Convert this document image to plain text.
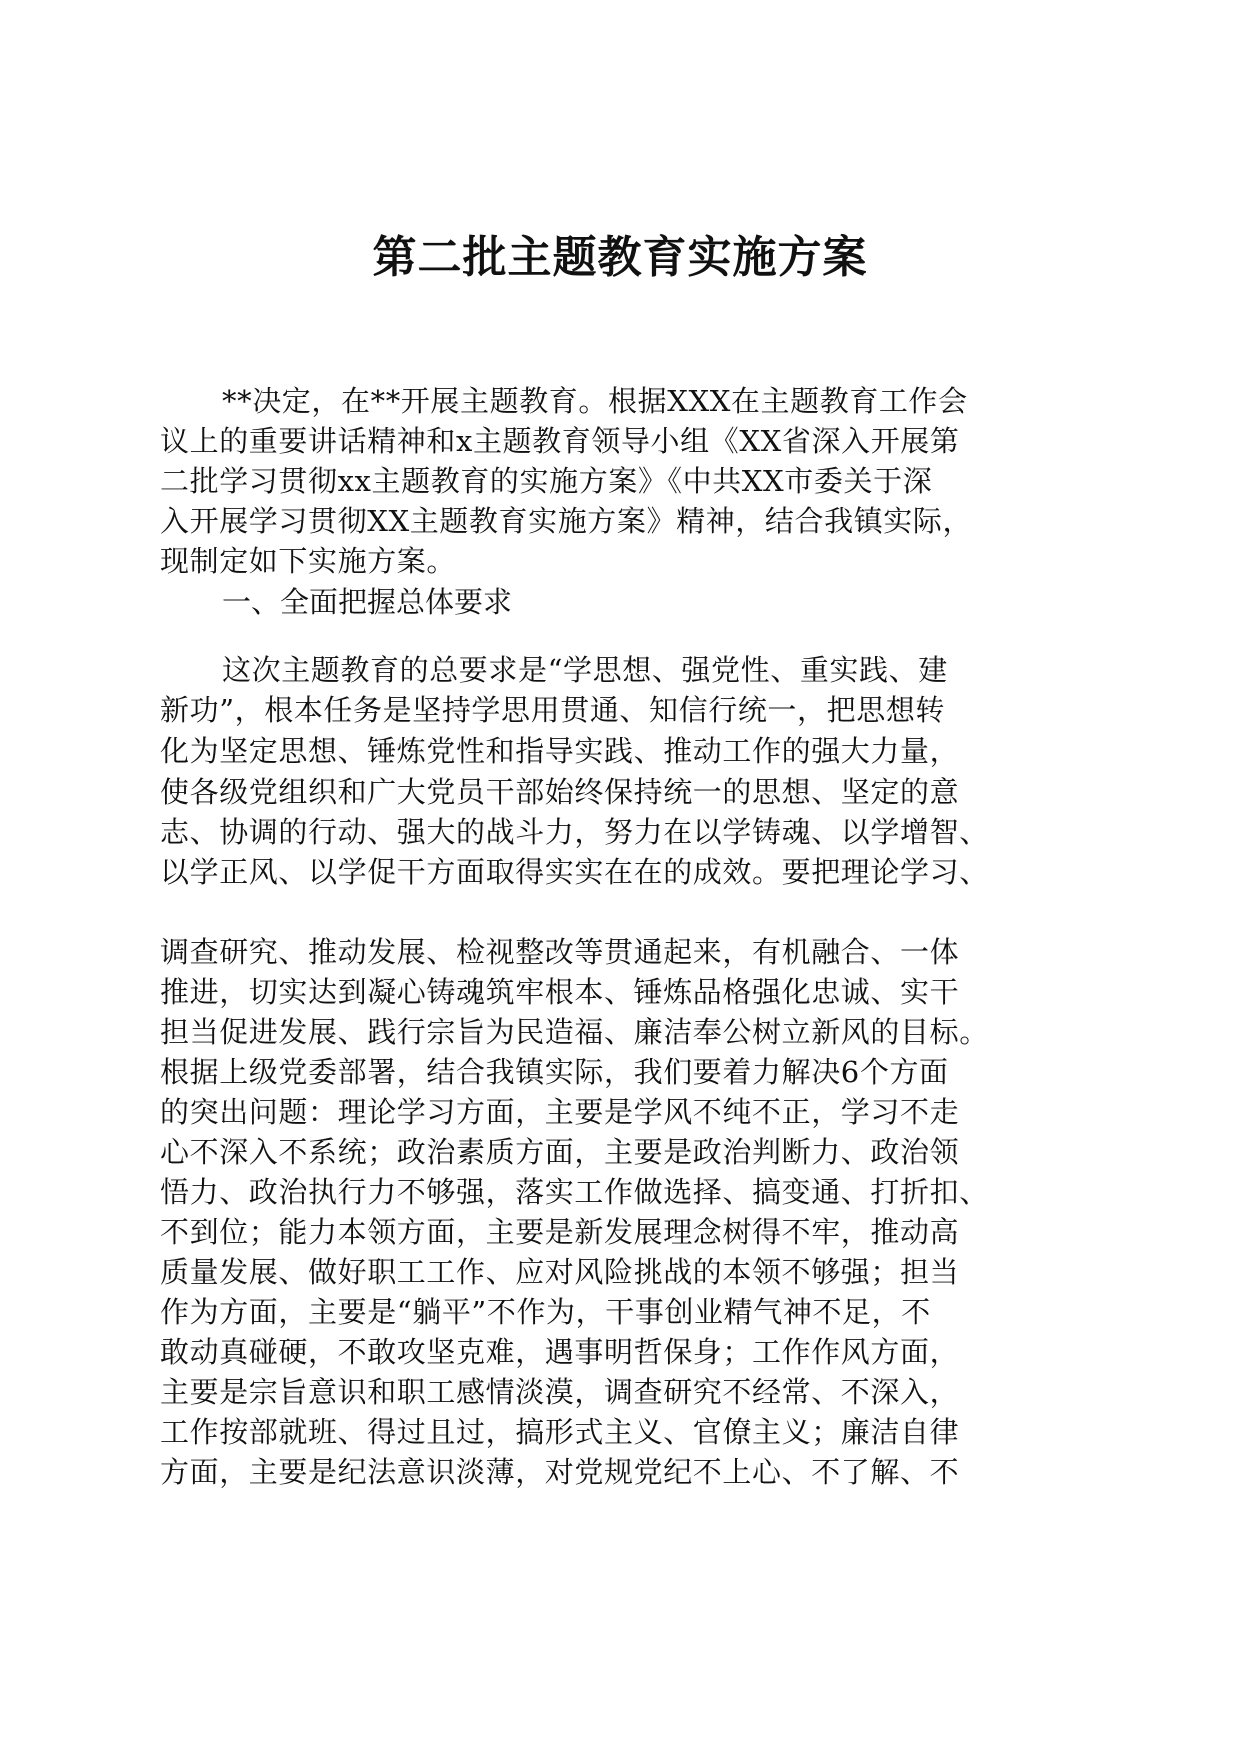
第二批主题教育实施方案
**决定，在**开展主题教育。根据XXX在主题教育工作会
议上的重要讲话精神和x主题教育领导小组《XX省深入开展第
二批学习贯彻xx主题教育的实施方案》《中共XX市委关于深
入开展学习贯彻XX主题教育实施方案》精神，结合我镇实际，
现制定如下实施方案。
一、全面把握总体要求
这次主题教育的总要求是“学思想、强党性、重实践、建
新功”，根本任务是坚持学思用贯通、知信行统一，把思想转
化为坚定思想、锤炼党性和指导实践、推动工作的强大力量，
使各级党组织和广大党员干部始终保持统一的思想、坚定的意
志、协调的行动、强大的战斗力，努力在以学铸魂、以学增智、
以学正风、以学促干方面取得实实在在的成效。要把理论学习、
调查研究、推动发展、检视整改等贯通起来，有机融合、一体
推进，切实达到凝心铸魂筑牢根本、锤炼品格强化忠诚、实干
担当促进发展、践行宗旨为民造福、廉洁奉公树立新风的目标。
根据上级党委部署，结合我镇实际，我们要着力解决6个方面
的突出问题：理论学习方面，主要是学风不纯不正，学习不走
心不深入不系统；政治素质方面，主要是政治判断力、政治领
悟力、政治执行力不够强，落实工作做选择、搞变通、打折扣、
不到位；能力本领方面，主要是新发展理念树得不牢，推动高
质量发展、做好职工工作、应对风险挑战的本领不够强；担当
作为方面，主要是“躺平”不作为，干事创业精气神不足，不
敢动真碰硬，不敢攻坚克难，遇事明哲保身；工作作风方面，
主要是宗旨意识和职工感情淡漠，调查研究不经常、不深入，
工作按部就班、得过且过，搞形式主义、官僚主义；廉洁自律
方面，主要是纪法意识淡薄，对党规党纪不上心、不了解、不
